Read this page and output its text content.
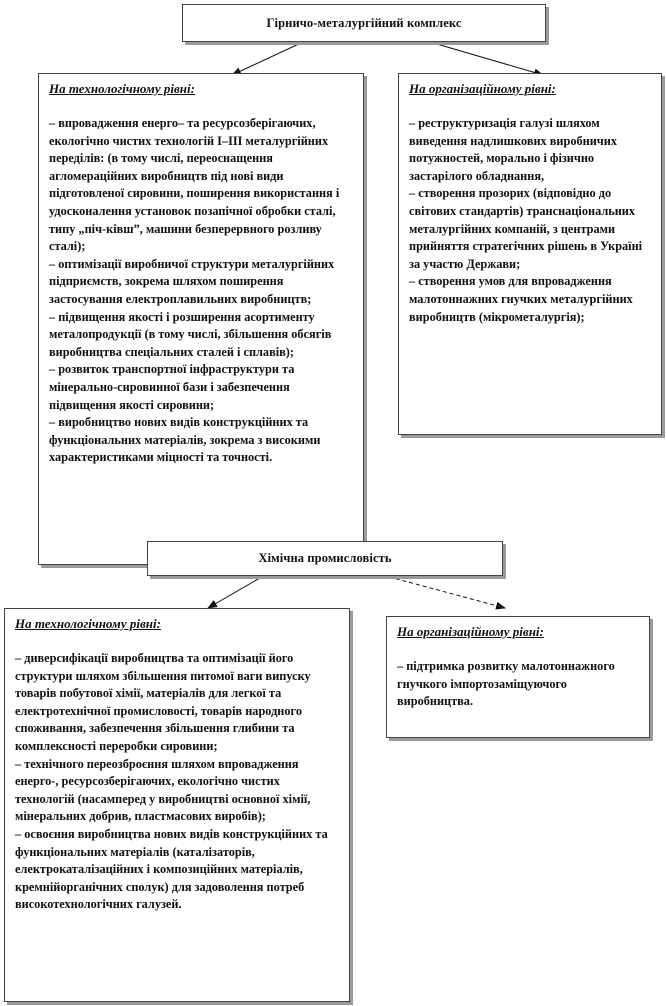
Гірничо-металургійний комплекс
На технологічному рівні:
– впровадження енерго– та ресурсозберігаючих, екологічно чистих технологій І–ІІІ металургійних переділів: (в тому числі, переоснащення агломераційних виробництв під нові види підготовленої сировини, поширення використання і удосконалення установок позапічної обробки сталі, типу „піч-ківш”, машини безперервного розливу сталі);
– оптимізації виробничої структури металургійних підприємств, зокрема шляхом поширення застосування електроплавильних виробництв;
– підвищення якості і розширення асортименту металопродукції (в тому числі, збільшення обсягів виробництва спеціальних сталей і сплавів);
– розвиток транспортної інфраструктури та мінерально-сировинної бази і забезпечення підвищення якості сировини;
– виробництво нових видів конструкційних та функціональних матеріалів, зокрема з високими характеристиками міцності та точності.
На організаційному рівні:
– реструктуризація галузі шляхом виведення надлишкових виробничих потужностей, морально і фізично застарілого обладнання,
– створення прозорих (відповідно до світових стандартів) транснаціональних металургійних компаній, з центрами прийняття стратегічних рішень в Україні за участю Держави;
– створення умов для впровадження малотоннажних гнучких металургійних виробництв (мікрометалургія);
Хімічна промисловість
На технологічному рівні:
– диверсифікації виробництва та оптимізації його структури шляхом збільшення питомої ваги випуску товарів побутової хімії, матеріалів для легкої та електротехнічної промисловості, товарів народного споживання, забезпечення збільшення глибини та комплексності переробки сировини;
– технічного переозброєння шляхом впровадження енерго-, ресурсозберігаючих, екологічно чистих технологій (насамперед у виробництві основної хімії, мінеральних добрив, пластмасових виробів);
– освоєння виробництва нових видів конструкційних та функціональних матеріалів (каталізаторів, електрокаталізаційних і композиційних матеріалів, кремнійорганічних сполук) для задоволення потреб високотехнологічних галузей.
На організаційному рівні:
– підтримка розвитку малотоннажного гнучкого імпортозаміщуючого виробництва.
